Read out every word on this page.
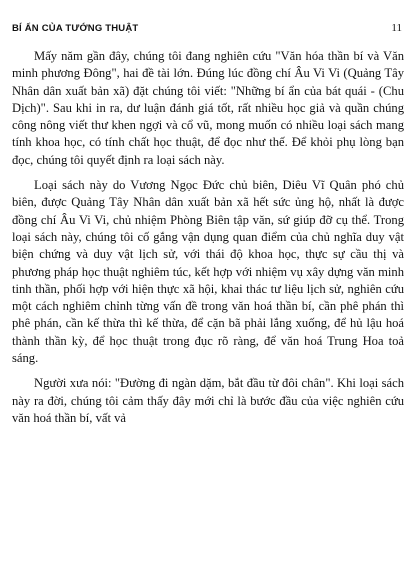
BÍ ẨN CỦA TƯỚNG THUẬT	11

Mấy năm gần đây, chúng tôi đang nghiên cứu "Văn hóa thần bí và Văn minh phương Đông", hai đề tài lớn. Đúng lúc đồng chí Âu Vi Vi (Quảng Tây Nhân dân xuất bản xã) đặt chúng tôi viết: "Những bí ẩn của bát quái - (Chu Dịch)". Sau khi in ra, dư luận đánh giá tốt, rất nhiều học giả và quần chúng công nông viết thư khen ngợi và cổ vũ, mong muốn có nhiều loại sách mang tính khoa học, có tính chất học thuật, để đọc như thế. Để khỏi phụ lòng bạn đọc, chúng tôi quyết định ra loại sách này.

Loại sách này do Vương Ngọc Đức chủ biên, Diêu Vĩ Quân phó chủ biên, được Quảng Tây Nhân dân xuất bản xã hết sức ủng hộ, nhất là được đồng chí Âu Vi Vi, chủ nhiệm Phòng Biên tập văn, sứ giúp đỡ cụ thể. Trong loại sách này, chúng tôi cố gắng vận dụng quan điểm của chủ nghĩa duy vật biện chứng và duy vật lịch sử, với thái độ khoa học, thực sự cầu thị và phương pháp học thuật nghiêm túc, kết hợp với nhiệm vụ xây dựng văn minh tinh thần, phối hợp với hiện thực xã hội, khai thác tư liệu lịch sử, nghiên cứu một cách nghiêm chỉnh từng vấn đề trong văn hoá thần bí, cần phê phán thì phê phán, cần kế thừa thì kế thừa, để cặn bã phải lắng xuống, để hủ lậu hoá thành thần kỳ, để học thuật trong đục rõ ràng, để văn hoá Trung Hoa toả sáng.

Người xưa nói: "Đường đi ngàn dặm, bắt đầu từ đôi chân". Khi loại sách này ra đời, chúng tôi cảm thấy đây mới chỉ là bước đầu của việc nghiên cứu văn hoá thần bí, vất vả
